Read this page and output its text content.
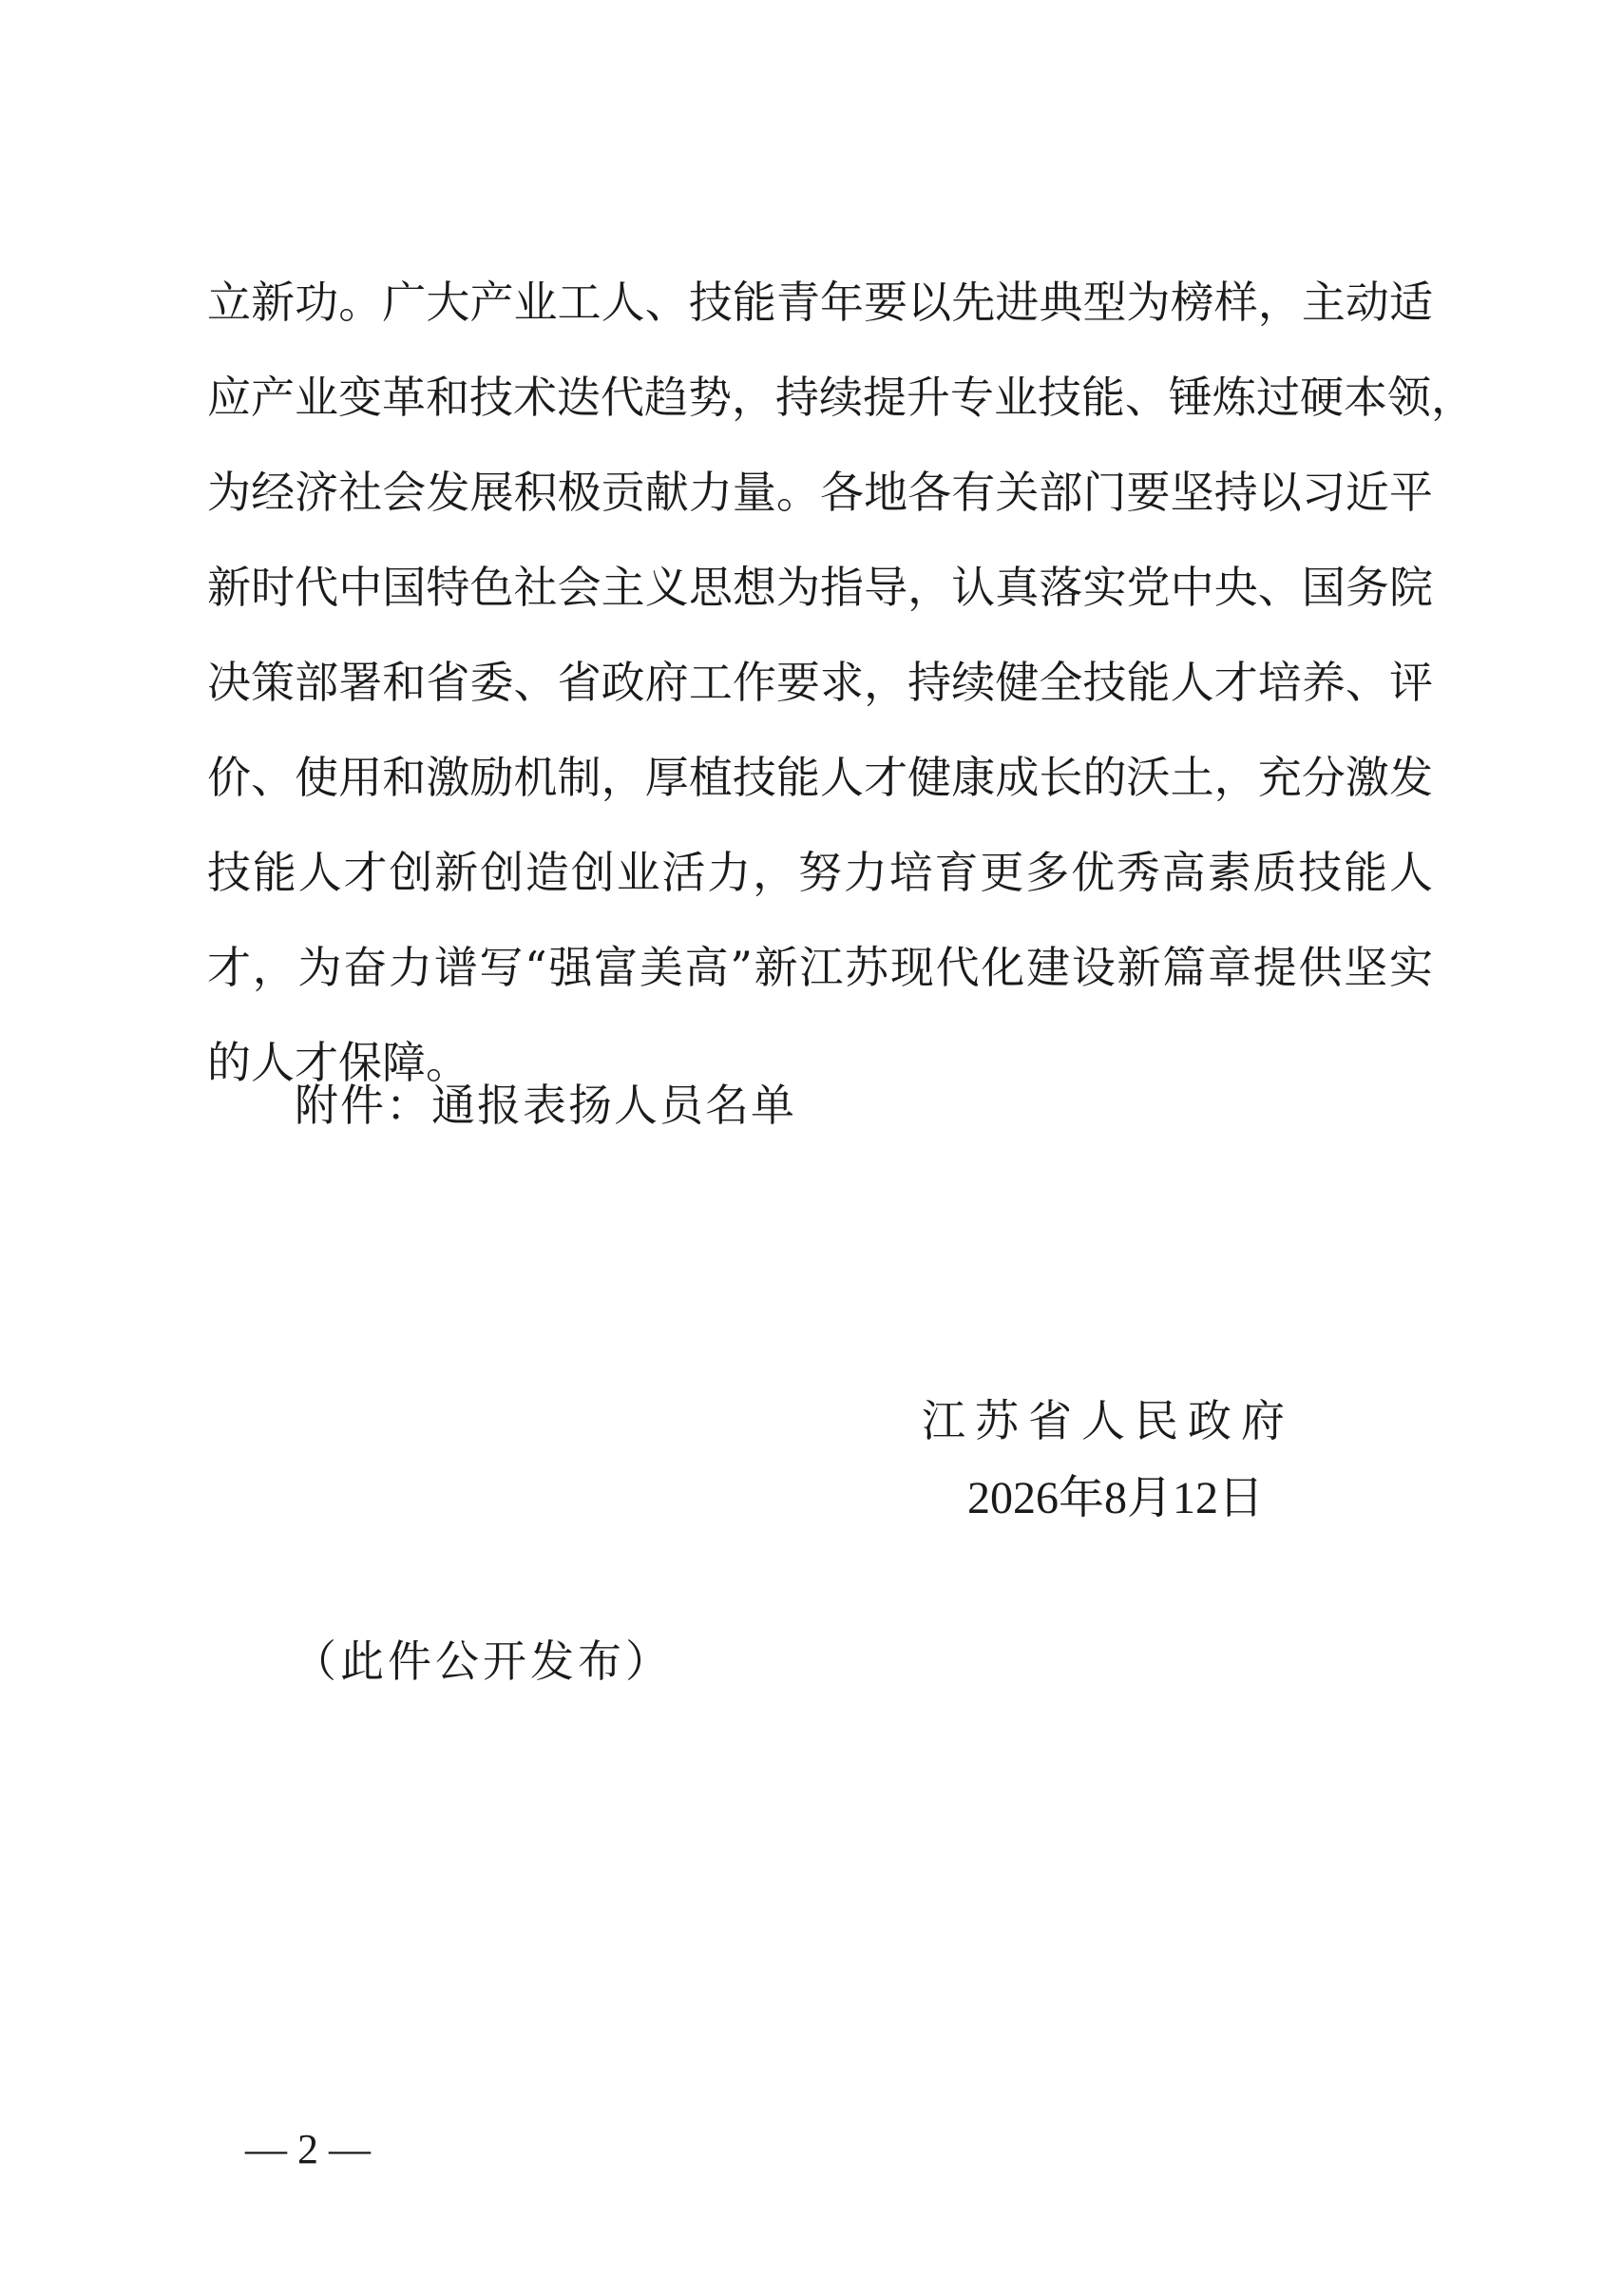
立新功。广大产业工人、技能青年要以先进典型为榜样，主动适
应产业变革和技术迭代趋势，持续提升专业技能、锤炼过硬本领，
为经济社会发展积极贡献力量。各地各有关部门要坚持以习近平
新时代中国特色社会主义思想为指导，认真落实党中央、国务院
决策部署和省委、省政府工作要求，持续健全技能人才培养、评
价、使用和激励机制，厚植技能人才健康成长的沃土，充分激发
技能人才创新创造创业活力，努力培育更多优秀高素质技能人
才，为奋力谱写“强富美高”新江苏现代化建设新篇章提供坚实
的人才保障。
附件：通报表扬人员名单
江苏省人民政府
2026年8月12日
（此件公开发布）
— 2 —
